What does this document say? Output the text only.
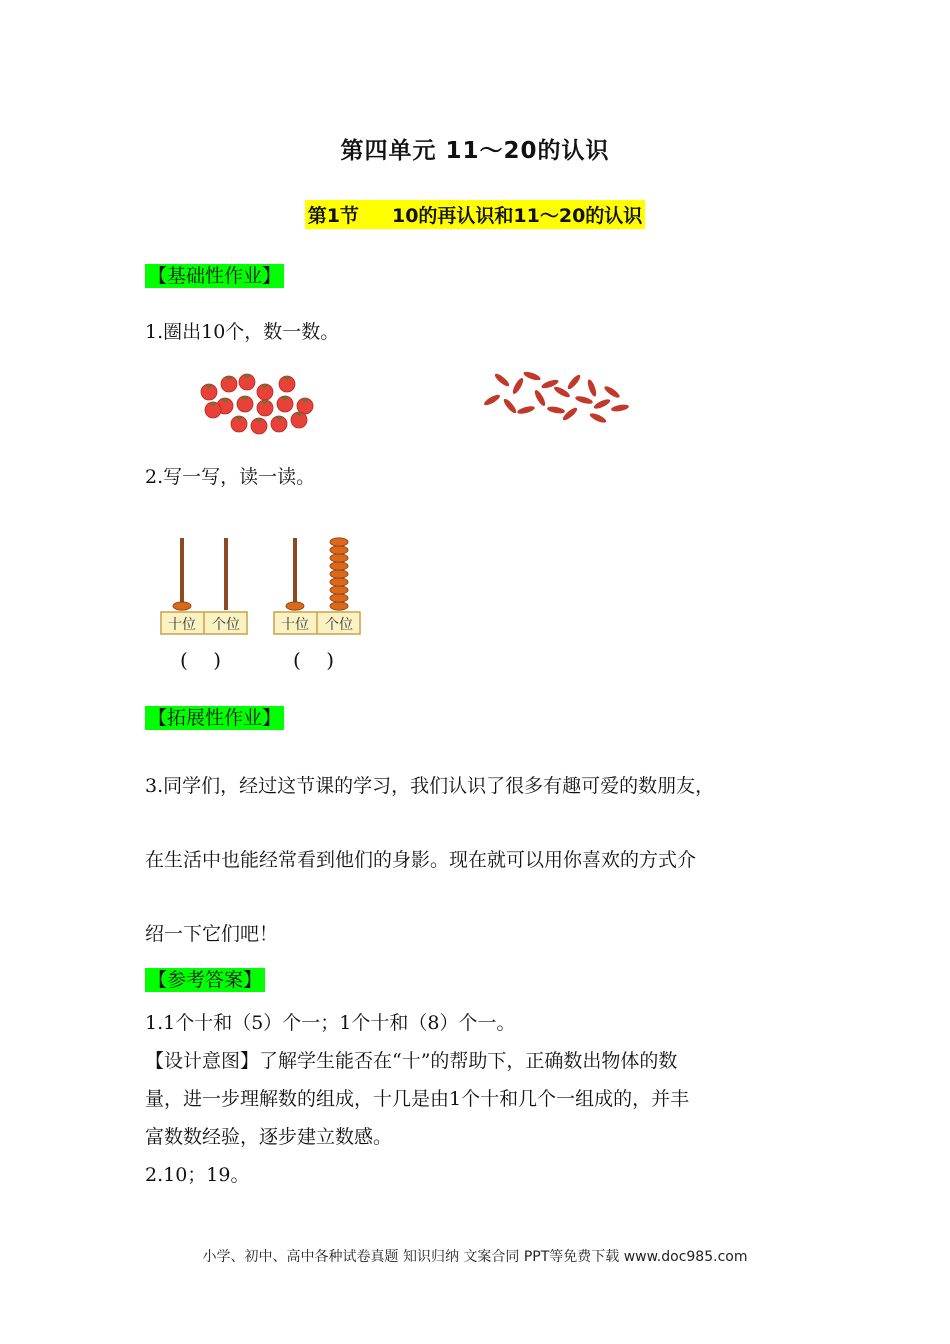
第四单元 11～20的认识
第1节     10的再认识和11～20的认识
【基础性作业】
1.圈出10个，数一数。
2.写一写，读一读。
十位 个位
(    )
十位 个位
(    )
【拓展性作业】
3.同学们，经过这节课的学习，我们认识了很多有趣可爱的数朋友，
在生活中也能经常看到他们的身影。现在就可以用你喜欢的方式介
绍一下它们吧！
【参考答案】
1.1个十和（5）个一；1个十和（8）个一。
【设计意图】了解学生能否在“十”的帮助下，正确数出物体的数
量，进一步理解数的组成，十几是由1个十和几个一组成的，并丰
富数数经验，逐步建立数感。
2.10；19。
小学、初中、高中各种试卷真题 知识归纳 文案合同 PPT等免费下载 www.doc985.com
